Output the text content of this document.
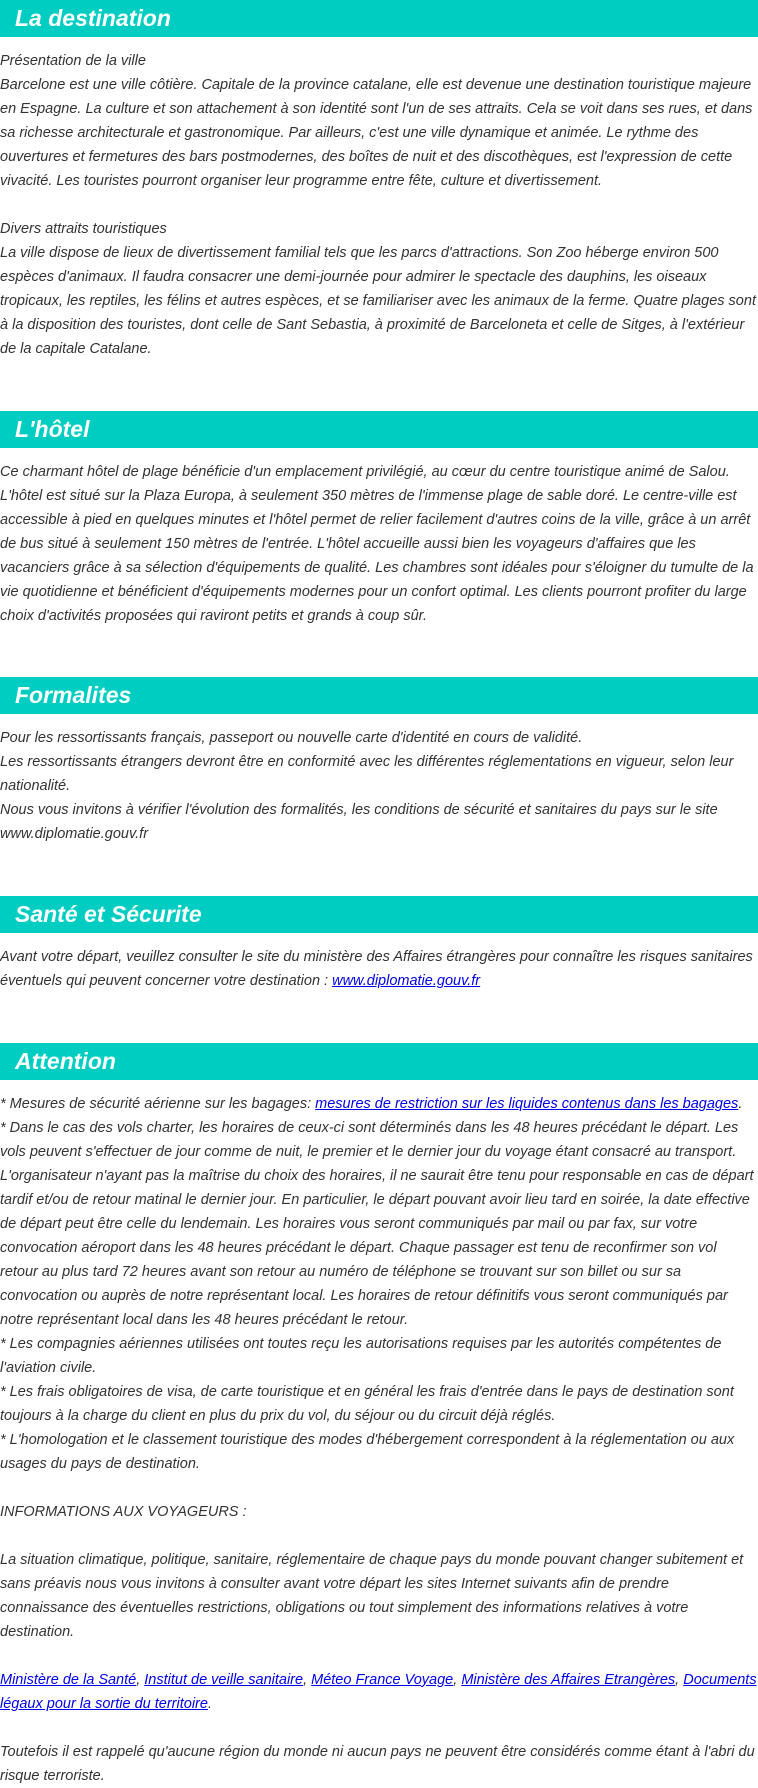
La destination

Présentation de la ville

Barcelone est une ville côtière. Capitale de la province catalane, elle est devenue une destination touristique majeure en Espagne. La culture et son attachement à son identité sont l'un de ses attraits. Cela se voit dans ses rues, et dans sa richesse architecturale et gastronomique. Par ailleurs, c'est une ville dynamique et animée. Le rythme des ouvertures et fermetures des bars postmodernes, des boîtes de nuit et des discothèques, est l'expression de cette vivacité. Les touristes pourront organiser leur programme entre fête, culture et divertissement.

Divers attraits touristiques

La ville dispose de lieux de divertissement familial tels que les parcs d'attractions. Son Zoo héberge environ 500 espèces d'animaux. Il faudra consacrer une demi-journée pour admirer le spectacle des dauphins, les oiseaux tropicaux, les reptiles, les félins et autres espèces, et se familiariser avec les animaux de la ferme. Quatre plages sont à la disposition des touristes, dont celle de Sant Sebastia, à proximité de Barceloneta et celle de Sitges, à l'extérieur de la capitale Catalane.

L'hôtel

Ce charmant hôtel de plage bénéficie d'un emplacement privilégié, au cœur du centre touristique animé de Salou. L'hôtel est situé sur la Plaza Europa, à seulement 350 mètres de l'immense plage de sable doré. Le centre-ville est accessible à pied en quelques minutes et l'hôtel permet de relier facilement d'autres coins de la ville, grâce à un arrêt de bus situé à seulement 150 mètres de l'entrée. L'hôtel accueille aussi bien les voyageurs d'affaires que les vacanciers grâce à sa sélection d'équipements de qualité. Les chambres sont idéales pour s'éloigner du tumulte de la vie quotidienne et bénéficient d'équipements modernes pour un confort optimal. Les clients pourront profiter du large choix d'activités proposées qui raviront petits et grands à coup sûr.

Formalites

Pour les ressortissants français, passeport ou nouvelle carte d'identité en cours de validité.

Les ressortissants étrangers devront être en conformité avec les différentes réglementations en vigueur, selon leur nationalité.

Nous vous invitons à vérifier l'évolution des formalités, les conditions de sécurité et sanitaires du pays sur le site www.diplomatie.gouv.fr

Santé et Sécurite

Avant votre départ, veuillez consulter le site du ministère des Affaires étrangères pour connaître les risques sanitaires éventuels qui peuvent concerner votre destination : www.diplomatie.gouv.fr

Attention

* Mesures de sécurité aérienne sur les bagages: mesures de restriction sur les liquides contenus dans les bagages.

* Dans le cas des vols charter, les horaires de ceux-ci sont déterminés dans les 48 heures précédant le départ. Les vols peuvent s'effectuer de jour comme de nuit, le premier et le dernier jour du voyage étant consacré au transport. L'organisateur n'ayant pas la maîtrise du choix des horaires, il ne saurait être tenu pour responsable en cas de départ tardif et/ou de retour matinal le dernier jour. En particulier, le départ pouvant avoir lieu tard en soirée, la date effective de départ peut être celle du lendemain. Les horaires vous seront communiqués par mail ou par fax, sur votre convocation aéroport dans les 48 heures précédant le départ. Chaque passager est tenu de reconfirmer son vol retour au plus tard 72 heures avant son retour au numéro de téléphone se trouvant sur son billet ou sur sa convocation ou auprès de notre représentant local. Les horaires de retour définitifs vous seront communiqués par notre représentant local dans les 48 heures précédant le retour.

* Les compagnies aériennes utilisées ont toutes reçu les autorisations requises par les autorités compétentes de l'aviation civile.

* Les frais obligatoires de visa, de carte touristique et en général les frais d'entrée dans le pays de destination sont toujours à la charge du client en plus du prix du vol, du séjour ou du circuit déjà réglés.

* L'homologation et le classement touristique des modes d'hébergement correspondent à la réglementation ou aux usages du pays de destination.

INFORMATIONS AUX VOYAGEURS :

La situation climatique, politique, sanitaire, réglementaire de chaque pays du monde pouvant changer subitement et sans préavis nous vous invitons à consulter avant votre départ les sites Internet suivants afin de prendre connaissance des éventuelles restrictions, obligations ou tout simplement des informations relatives à votre destination.

Ministère de la Santé, Institut de veille sanitaire, Méteo France Voyage, Ministère des Affaires Etrangères, Documents légaux pour la sortie du territoire.

Toutefois il est rappelé qu'aucune région du monde ni aucun pays ne peuvent être considérés comme étant à l'abri du risque terroriste.
